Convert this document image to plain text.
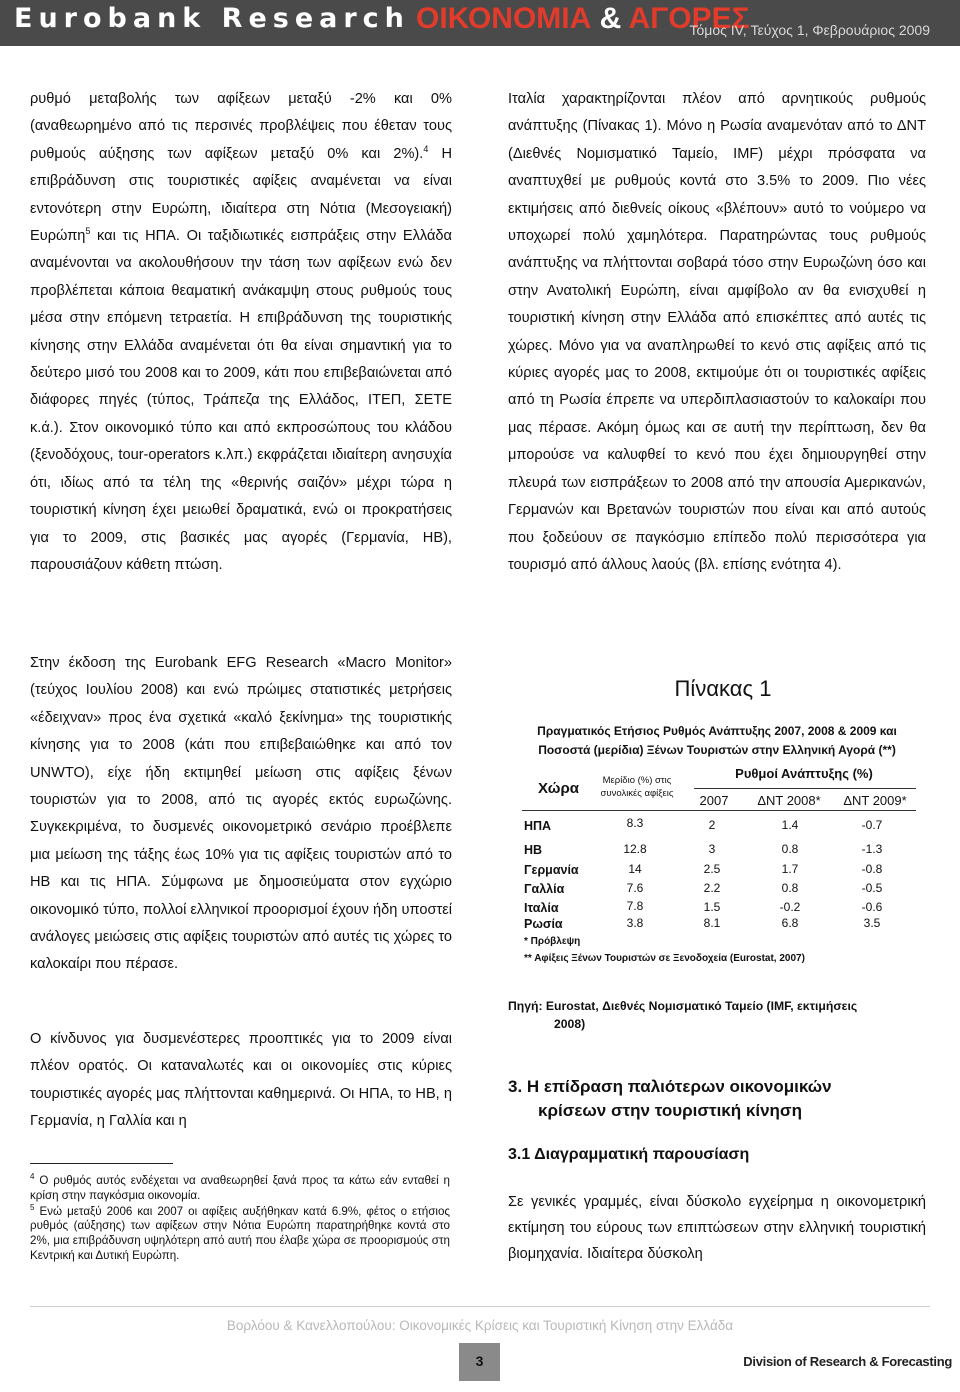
Eurobank Research ΟΙΚΟΝΟΜΙΑ & ΑΓΟΡΕΣ
Τόμος IV, Τεύχος 1, Φεβρουάριος 2009

ρυθμό μεταβολής των αφίξεων μεταξύ -2% και 0% (αναθεωρημένο από τις περσινές προβλέψεις που έθεταν τους ρυθμούς αύξησης των αφίξεων μεταξύ 0% και 2%).$^4$ Η επιβράδυνση στις τουριστικές αφίξεις αναμένεται να είναι εντονότερη στην Ευρώπη, ιδιαίτερα στη Νότια (Μεσογειακή) Ευρώπη$^5$ και τις ΗΠΑ. Οι ταξιδιωτικές εισπράξεις στην Ελλάδα αναμένονται να ακολουθήσουν την τάση των αφίξεων ενώ δεν προβλέπεται κάποια θεαματική ανάκαμψη στους ρυθμούς τους μέσα στην επόμενη τετραετία. Η επιβράδυνση της τουριστικής κίνησης στην Ελλάδα αναμένεται ότι θα είναι σημαντική για το δεύτερο μισό του 2008 και το 2009, κάτι που επιβεβαιώνεται από διάφορες πηγές (τύπος, Τράπεζα της Ελλάδος, ΙΤΕΠ, ΣΕΤΕ κ.ά.). Στον οικονομικό τύπο και από εκπροσώπους του κλάδου (ξενοδόχους, tour-operators κ.λπ.) εκφράζεται ιδιαίτερη ανησυχία ότι, ιδίως από τα τέλη της «θερινής σαιζόν» μέχρι τώρα η τουριστική κίνηση έχει μειωθεί δραματικά, ενώ οι προκρατήσεις για το 2009, στις βασικές μας αγορές (Γερμανία, ΗΒ), παρουσιάζουν κάθετη πτώση.

Στην έκδοση της Eurobank EFG Research «Macro Monitor» (τεύχος Ιουλίου 2008) και ενώ πρώιμες στατιστικές μετρήσεις «έδειχναν» προς ένα σχετικά «καλό ξεκίνημα» της τουριστικής κίνησης για το 2008 (κάτι που επιβεβαιώθηκε και από τον UNWTO), είχε ήδη εκτιμηθεί μείωση στις αφίξεις ξένων τουριστών για το 2008, από τις αγορές εκτός ευρωζώνης. Συγκεκριμένα, το δυσμενές οικονομετρικό σενάριο προέβλεπε μια μείωση της τάξης έως 10% για τις αφίξεις τουριστών από το ΗΒ και τις ΗΠΑ. Σύμφωνα με δημοσιεύματα στον εγχώριο οικονομικό τύπο, πολλοί ελληνικοί προορισμοί έχουν ήδη υποστεί ανάλογες μειώσεις στις αφίξεις τουριστών από αυτές τις χώρες το καλοκαίρι που πέρασε.

Ο κίνδυνος για δυσμενέστερες προοπτικές για το 2009 είναι πλέον ορατός. Οι καταναλωτές και οι οικονομίες στις κύριες τουριστικές αγορές μας πλήττονται καθημερινά. Οι ΗΠΑ, το ΗΒ, η Γερμανία, η Γαλλία και η

$^4$ Ο ρυθμός αυτός ενδέχεται να αναθεωρηθεί ξανά προς τα κάτω εάν ενταθεί η κρίση στην παγκόσμια οικονομία.

$^5$ Ενώ μεταξύ 2006 και 2007 οι αφίξεις αυξήθηκαν κατά 6.9%, φέτος ο ετήσιος ρυθμός (αύξησης) των αφίξεων στην Νότια Ευρώπη παρατηρήθηκε κοντά στο 2%, μια επιβράδυνση υψηλότερη από αυτή που έλαβε χώρα σε προορισμούς στη Κεντρική και Δυτική Ευρώπη.

Ιταλία χαρακτηρίζονται πλέον από αρνητικούς ρυθμούς ανάπτυξης (Πίνακας 1). Μόνο η Ρωσία αναμενόταν από το ΔΝΤ (Διεθνές Νομισματικό Ταμείο, IMF) μέχρι πρόσφατα να αναπτυχθεί με ρυθμούς κοντά στο 3.5% το 2009. Πιο νέες εκτιμήσεις από διεθνείς οίκους «βλέπουν» αυτό το νούμερο να υποχωρεί πολύ χαμηλότερα. Παρατηρώντας τους ρυθμούς ανάπτυξης να πλήττονται σοβαρά τόσο στην Ευρωζώνη όσο και στην Ανατολική Ευρώπη, είναι αμφίβολο αν θα ενισχυθεί η τουριστική κίνηση στην Ελλάδα από επισκέπτες από αυτές τις χώρες. Μόνο για να αναπληρωθεί το κενό στις αφίξεις από τις κύριες αγορές μας το 2008, εκτιμούμε ότι οι τουριστικές αφίξεις από τη Ρωσία έπρεπε να υπερδιπλασιαστούν το καλοκαίρι που μας πέρασε. Ακόμη όμως και σε αυτή την περίπτωση, δεν θα μπορούσε να καλυφθεί το κενό που έχει δημιουργηθεί στην πλευρά των εισπράξεων το 2008 από την απουσία Αμερικανών, Γερμανών και Βρετανών τουριστών που είναι και από αυτούς που ξοδεύουν σε παγκόσμιο επίπεδο πολύ περισσότερα για τουρισμό από άλλους λαούς (βλ. επίσης ενότητα 4).

Πίνακας 1
Πραγματικός Ετήσιος Ρυθμός Ανάπτυξης 2007, 2008 & 2009 και
Ποσοστά (μερίδια) Ξένων Τουριστών στην Ελληνική Αγορά (**)
Χώρα	Μερίδιο (%) στις συνολικές αφίξεις
Ρυθμοί Ανάπτυξης (%)
2007	ΔΝΤ 2008*	ΔΝΤ 2009*
ΗΠΑ	8.3	2	1.4	-0.7
ΗΒ	12.8	3	0.8	-1.3
Γερμανία	14	2.5	1.7	-0.8
Γαλλία	7.6	2.2	0.8	-0.5
Ιταλία	7.8	1.5	-0.2	-0.6
Ρωσία	3.8	8.1	6.8	3.5
* Πρόβλεψη
** Αφίξεις Ξένων Τουριστών σε Ξενοδοχεία (Eurostat, 2007)
Πηγή: Eurostat, Διεθνές Νομισματικό Ταμείο (IMF, εκτιμήσεις
2008)
3. Η επίδραση παλιότερων οικονομικών
κρίσεων στην τουριστική κίνηση
3.1 Διαγραμματική παρουσίαση

Σε γενικές γραμμές, είναι δύσκολο εγχείρημα η οικονομετρική εκτίμηση του εύρους των επιπτώσεων στην ελληνική τουριστική βιομηχανία. Ιδιαίτερα δύσκολη

Βορλόου & Κανελλοπούλου: Οικονομικές Κρίσεις και Τουριστική Κίνηση στην Ελλάδα
3	Division of Research & Forecasting
